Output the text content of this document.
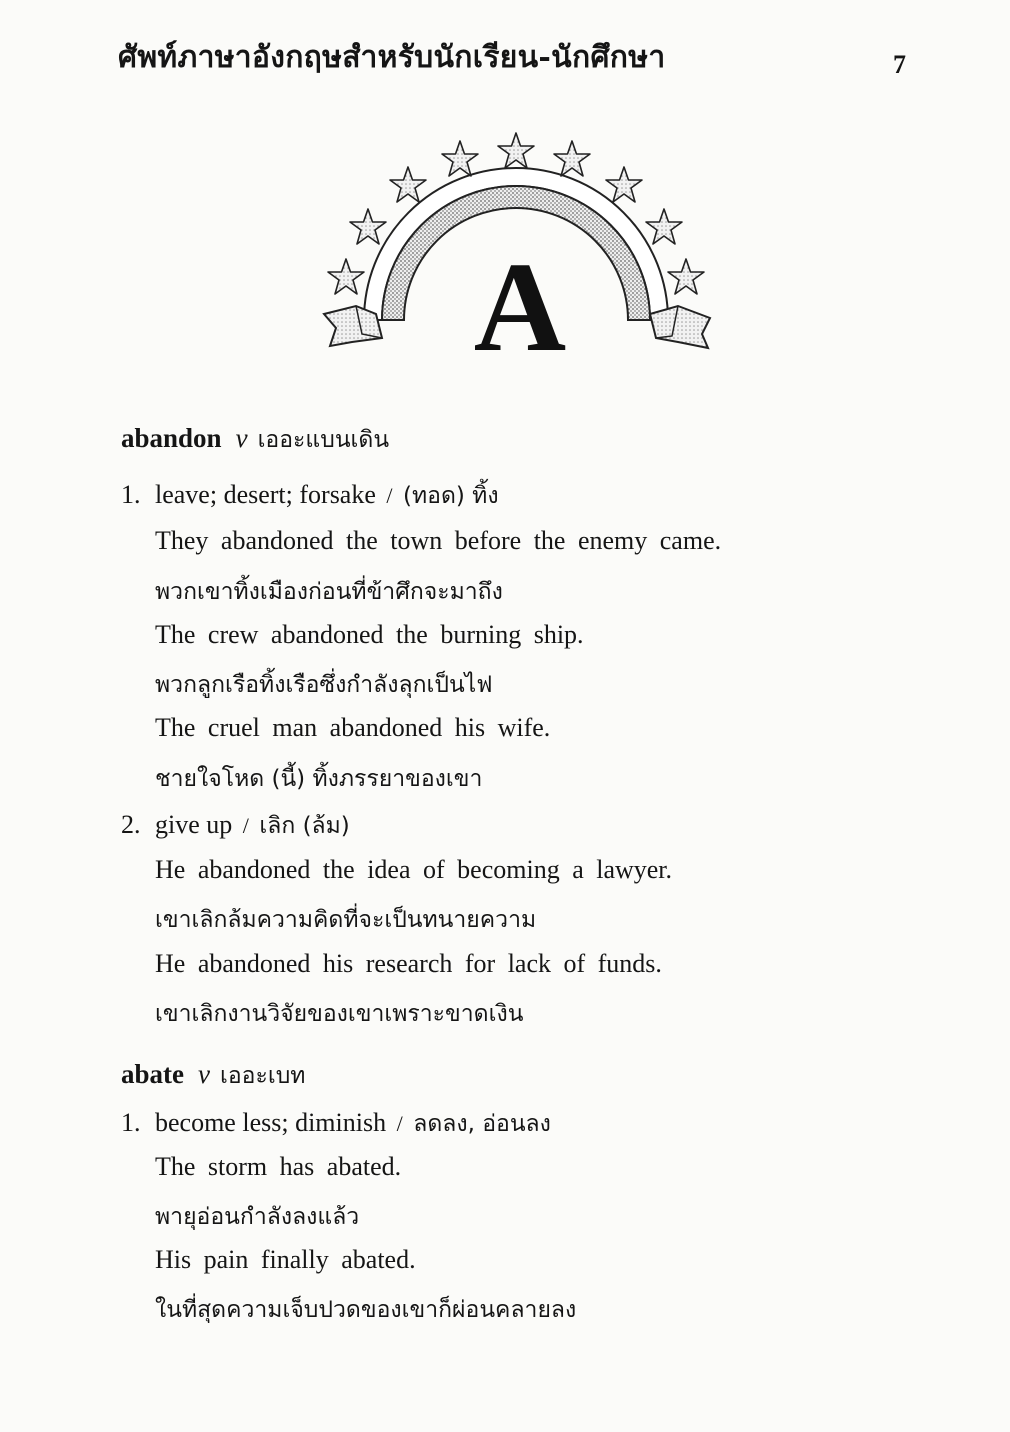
ศัพท์ภาษาอังกฤษสำหรับนักเรียน-นักศึกษา	7
A
abandon v เออะแบนเดิน
1. leave; desert; forsake / (ทอด) ทิ้ง
They abandoned the town before the enemy came.
พวกเขาทิ้งเมืองก่อนที่ข้าศึกจะมาถึง
The crew abandoned the burning ship.
พวกลูกเรือทิ้งเรือซึ่งกำลังลุกเป็นไฟ
The cruel man abandoned his wife.
ชายใจโหด (นี้) ทิ้งภรรยาของเขา
2. give up / เลิก (ล้ม)
He abandoned the idea of becoming a lawyer.
เขาเลิกล้มความคิดที่จะเป็นทนายความ
He abandoned his research for lack of funds.
เขาเลิกงานวิจัยของเขาเพราะขาดเงิน
abate v เออะเบท
1. become less; diminish / ลดลง, อ่อนลง
The storm has abated.
พายุอ่อนกำลังลงแล้ว
His pain finally abated.
ในที่สุดความเจ็บปวดของเขาก็ผ่อนคลายลง
